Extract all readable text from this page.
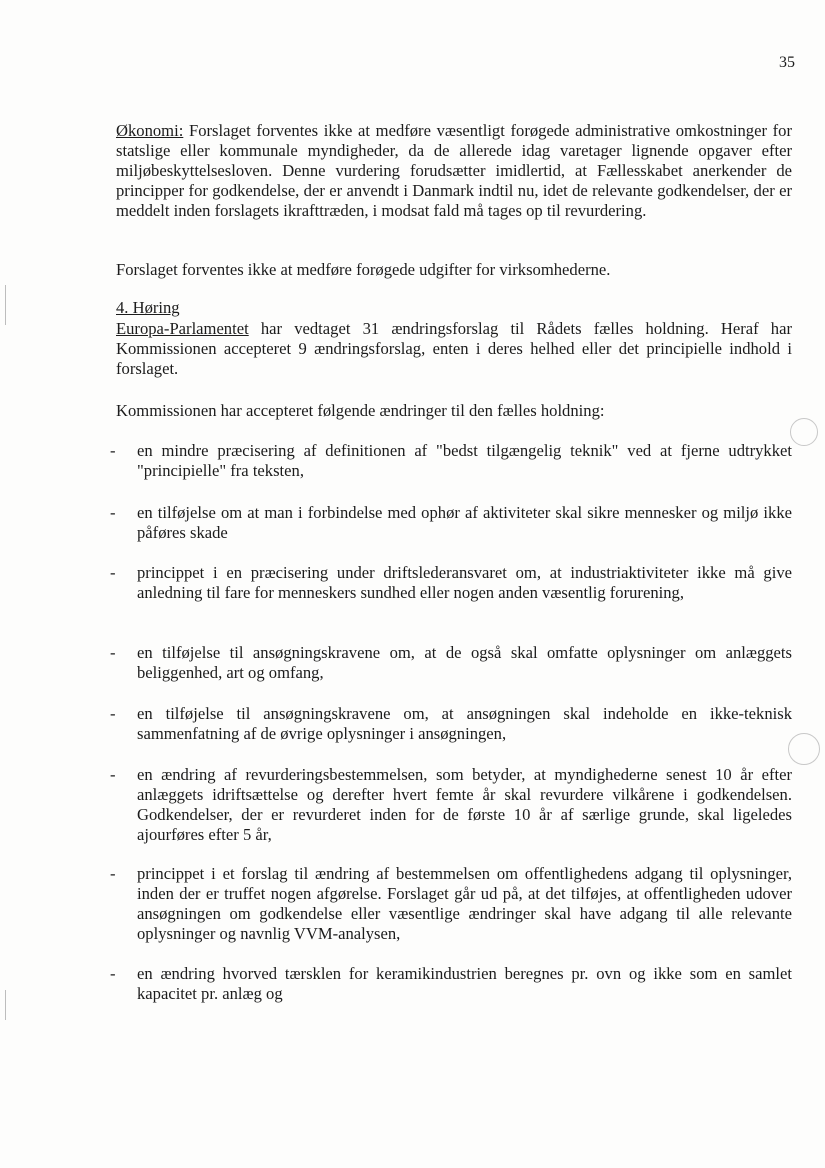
35

Økonomi: Forslaget forventes ikke at medføre væsentligt forøgede administrative omkostninger for statslige eller kommunale myndigheder, da de allerede idag varetager lignende opgaver efter miljøbeskyttelsesloven. Denne vurdering forudsætter imidlertid, at Fællesskabet anerkender de principper for godkendelse, der er anvendt i Danmark indtil nu, idet de relevante godkendelser, der er meddelt inden forslagets ikrafttræden, i modsat fald må tages op til revurdering.

Forslaget forventes ikke at medføre forøgede udgifter for virksomhederne.

4. Høring

Europa-Parlamentet har vedtaget 31 ændringsforslag til Rådets fælles holdning. Heraf har Kommissionen accepteret 9 ændringsforslag, enten i deres helhed eller det principielle indhold i forslaget.

Kommissionen har accepteret følgende ændringer til den fælles holdning:

-	en mindre præcisering af definitionen af "bedst tilgængelig teknik" ved at fjerne udtrykket "principielle" fra teksten,

-	en tilføjelse om at man i forbindelse med ophør af aktiviteter skal sikre mennesker og miljø ikke påføres skade

-	princippet i en præcisering under driftslederansvaret om, at industriaktiviteter ikke må give anledning til fare for menneskers sundhed eller nogen anden væsentlig forurening,

-	en tilføjelse til ansøgningskravene om, at de også skal omfatte oplysninger om anlæggets beliggenhed, art og omfang,

-	en tilføjelse til ansøgningskravene om, at ansøgningen skal indeholde en ikke-teknisk sammenfatning af de øvrige oplysninger i ansøgningen,

-	en ændring af revurderingsbestemmelsen, som betyder, at myndighederne senest 10 år efter anlæggets idriftsættelse og derefter hvert femte år skal revurdere vilkårene i godkendelsen. Godkendelser, der er revurderet inden for de første 10 år af særlige grunde, skal ligeledes ajourføres efter 5 år,

-	princippet i et forslag til ændring af bestemmelsen om offentlighedens adgang til oplysninger, inden der er truffet nogen afgørelse. Forslaget går ud på, at det tilføjes, at offentligheden udover ansøgningen om godkendelse eller væsentlige ændringer skal have adgang til alle relevante oplysninger og navnlig VVM-analysen,

-	en ændring hvorved tærsklen for keramikindustrien beregnes pr. ovn og ikke som en samlet kapacitet pr. anlæg og
